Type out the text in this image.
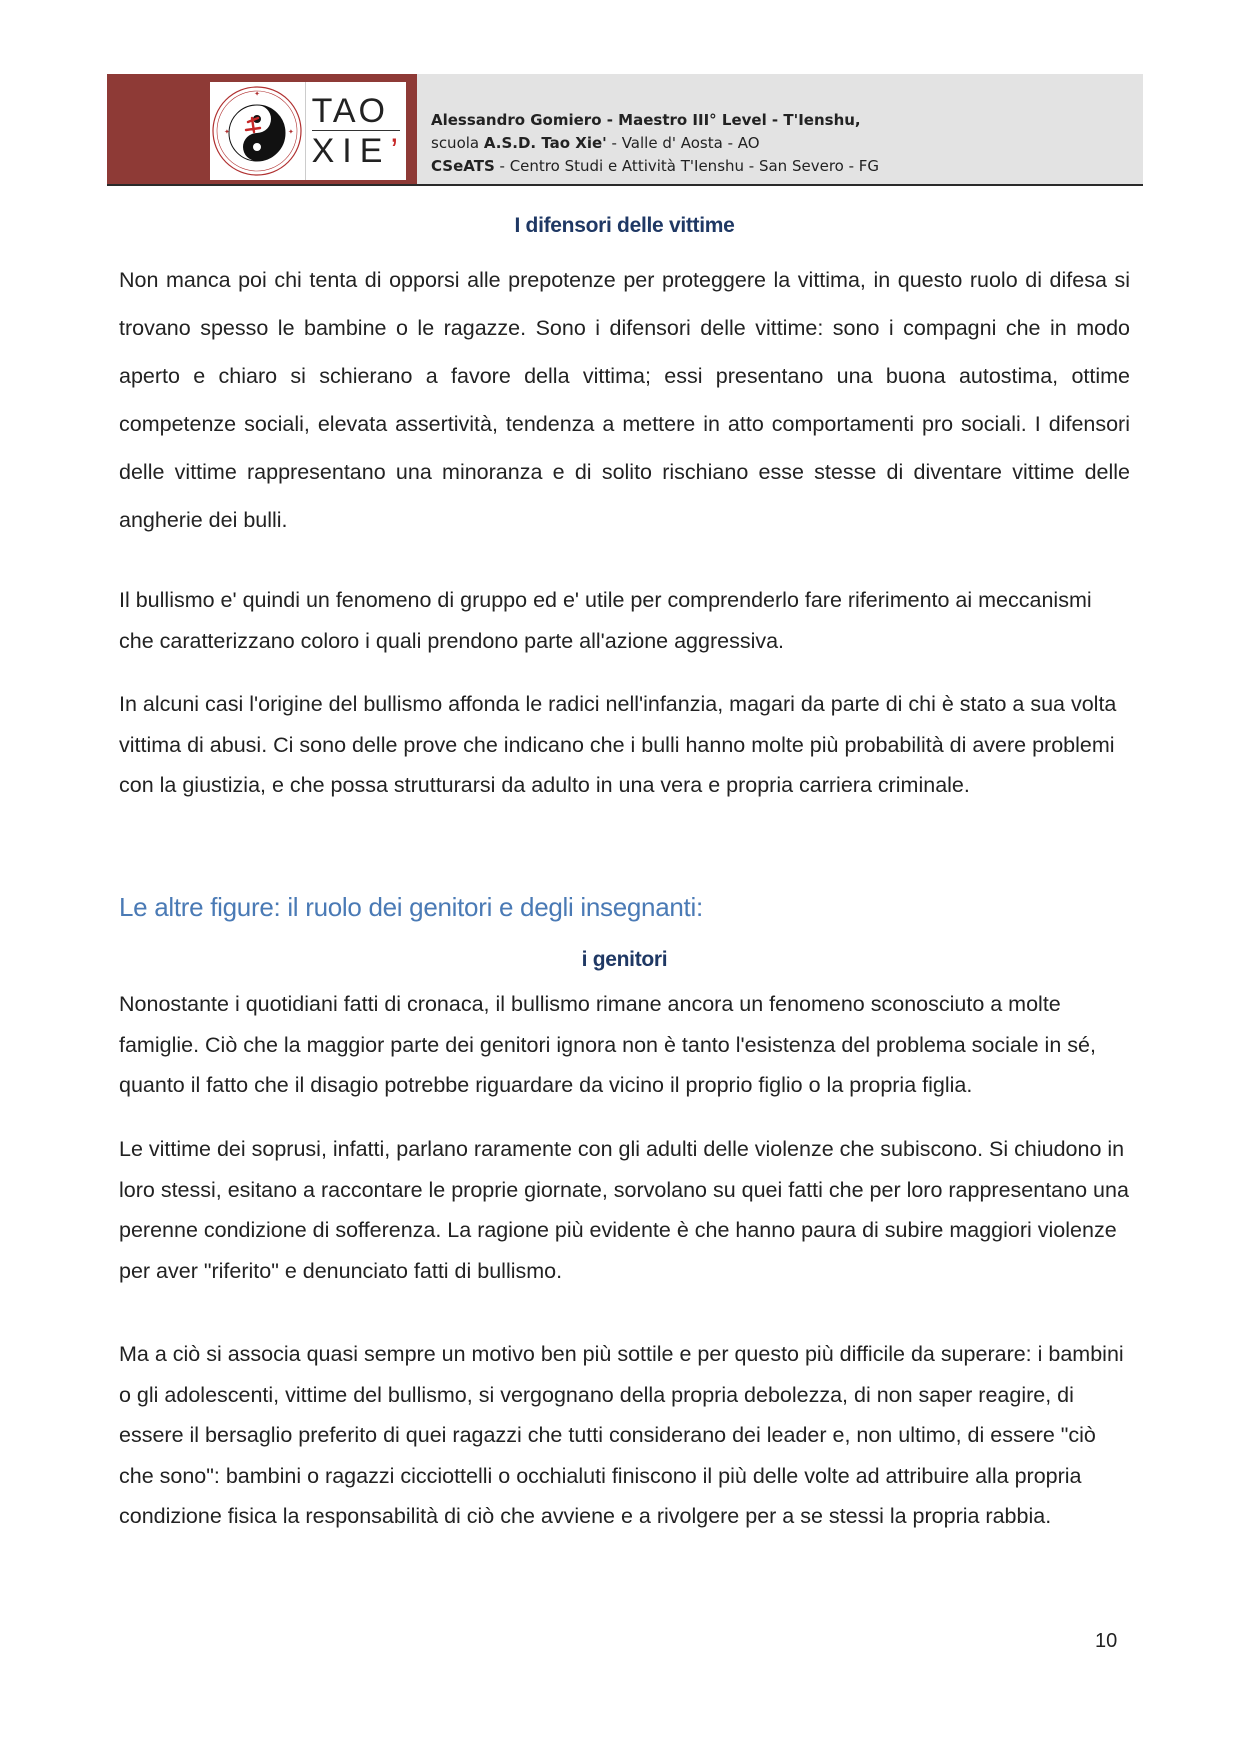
✦
✦	✦
TAO
XIE’
Alessandro Gomiero - Maestro III° Level - T'Ienshu,
scuola A.S.D. Tao Xie' - Valle d' Aosta - AO
CSeATS - Centro Studi e Attività T'Ienshu - San Severo - FG
I difensori delle vittime

Non manca poi chi tenta di opporsi alle prepotenze per proteggere la vittima, in questo ruolo di difesa si trovano spesso le bambine o le ragazze. Sono i difensori delle vittime: sono i compagni che in modo aperto e chiaro si schierano a favore della vittima; essi presentano una buona autostima, ottime competenze sociali, elevata assertività, tendenza a mettere in atto comportamenti pro sociali. I difensori delle vittime rappresentano una minoranza e di solito rischiano esse stesse di diventare vittime delle angherie dei bulli.

Il bullismo e' quindi un fenomeno di gruppo ed e' utile per comprenderlo fare riferimento ai meccanismi che caratterizzano coloro i quali prendono parte all'azione aggressiva.

In alcuni casi l'origine del bullismo affonda le radici nell'infanzia, magari da parte di chi è stato a sua volta vittima di abusi. Ci sono delle prove che indicano che i bulli hanno molte più probabilità di avere problemi con la giustizia, e che possa strutturarsi da adulto in una vera e propria carriera criminale.

Le altre figure: il ruolo dei genitori e degli insegnanti:
i genitori

Nonostante i quotidiani fatti di cronaca, il bullismo rimane ancora un fenomeno sconosciuto a molte famiglie. Ciò che la maggior parte dei genitori ignora non è tanto l'esistenza del problema sociale in sé, quanto il fatto che il disagio potrebbe riguardare da vicino il proprio figlio o la propria figlia.

Le vittime dei soprusi, infatti, parlano raramente con gli adulti delle violenze che subiscono. Si chiudono in loro stessi, esitano a raccontare le proprie giornate, sorvolano su quei fatti che per loro rappresentano una perenne condizione di sofferenza. La ragione più evidente è che hanno paura di subire maggiori violenze per aver "riferito" e denunciato fatti di bullismo.

Ma a ciò si associa quasi sempre un motivo ben più sottile e per questo più difficile da superare: i bambini o gli adolescenti, vittime del bullismo, si vergognano della propria debolezza, di non saper reagire, di essere il bersaglio preferito di quei ragazzi che tutti considerano dei leader e, non ultimo, di essere "ciò che sono": bambini o ragazzi cicciottelli o occhialuti finiscono il più delle volte ad attribuire alla propria condizione fisica la responsabilità di ciò che avviene e a rivolgere per a se stessi la propria rabbia.

10
